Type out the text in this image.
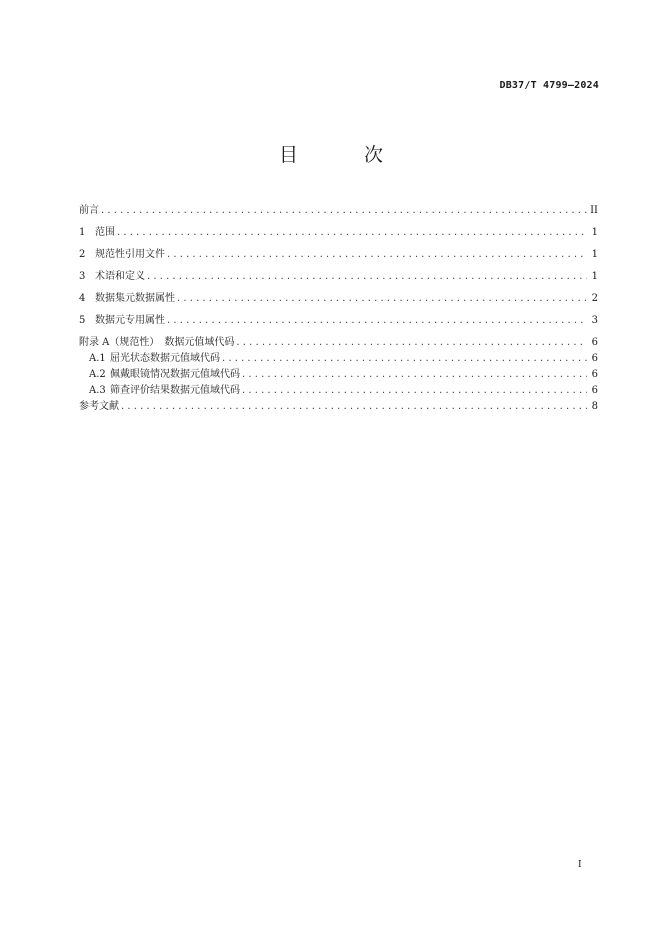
DB37/T 4799—2024
目 次
前言 . . .	II
1 范围 . . .	1
2 规范性引用文件 . . .	1
3 术语和定义 . . .	1
4 数据集元数据属性 . . .	2
5 数据元专用属性 . . .	3
附录 A（规范性）　数据元值域代码 . . .	6
A.1 屈光状态数据元值域代码 . . .	6
A.2 佩戴眼镜情况数据元值域代码 . . .	6
A.3 筛查评价结果数据元值域代码 . . .	6
参考文献 . . .	8
I
